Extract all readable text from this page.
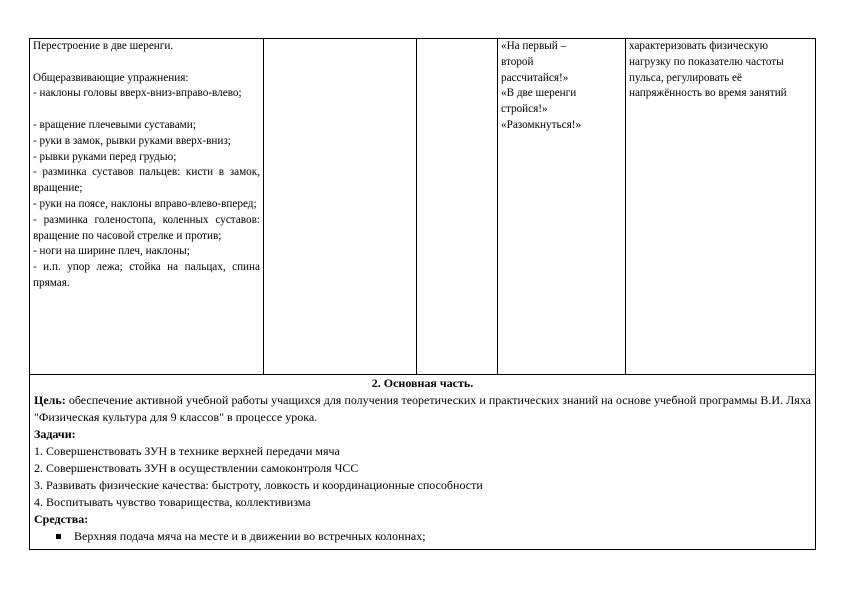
Перестроение в две шеренги.

Общеразвивающие упражнения:

- наклоны головы вверх-вниз-вправо-влево;

- вращение плечевыми суставами;

- руки в замок, рывки руками вверх-вниз;

- рывки руками перед грудью;

- разминка суставов пальцев: кисти в замок, вращение;

- руки на поясе, наклоны вправо-влево-вперед;

- разминка голеностопа, коленных суставов: вращение по часовой стрелке и против;

- ноги на ширине плеч, наклоны;

- и.п. упор лежа; стойка на пальцах, спина прямая.

«На первый –
второй
рассчитайся!»
«В две шеренги
стройся!»
«Разомкнуться!»
характеризовать физическую нагрузку по показателю частоты пульса, регулировать её напряжённость во время занятий

2. Основная часть.

Цель: обеспечение активной учебной работы учащихся для получения теоретических и практических знаний на основе учебной программы В.И. Ляха "Физическая культура для 9 классов" в процессе урока.

Задачи:

1. Совершенствовать ЗУН в технике верхней передачи мяча

2. Совершенствовать ЗУН в осуществлении самоконтроля ЧСС

3. Развивать физические качества: быстроту, ловкость и координационные способности

4. Воспитывать чувство товарищества, коллективизма

Средства:

Верхняя подача мяча на месте и в движении во встречных колоннах;
